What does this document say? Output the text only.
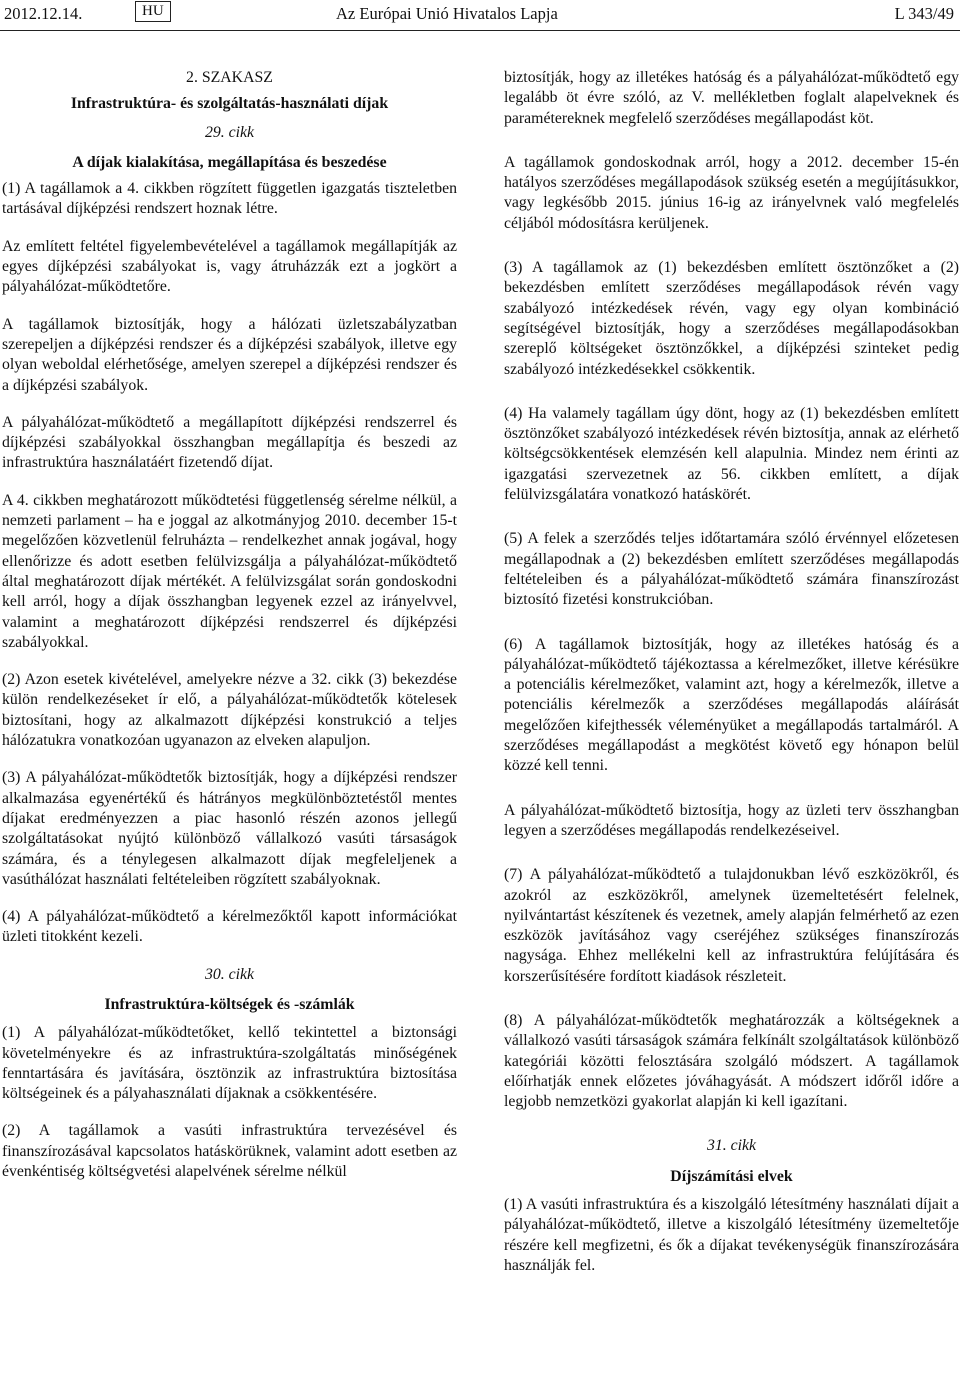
2012.12.14.	HU	Az Európai Unió Hivatalos Lapja	L 343/49

2. SZAKASZ

Infrastruktúra- és szolgáltatás-használati díjak

29. cikk

A díjak kialakítása, megállapítása és beszedése

(1) A tagállamok a 4. cikkben rögzített független igazgatás tiszteletben tartásával díjképzési rendszert hoznak létre.

Az említett feltétel figyelembevételével a tagállamok megállapítják az egyes díjképzési szabályokat is, vagy átruházzák ezt a jogkört a pályahálózat-működtetőre.

A tagállamok biztosítják, hogy a hálózati üzletszabályzatban szerepeljen a díjképzési rendszer és a díjképzési szabályok, illetve egy olyan weboldal elérhetősége, amelyen szerepel a díjképzési rendszer és a díjképzési szabályok.

A pályahálózat-működtető a megállapított díjképzési rendszerrel és díjképzési szabályokkal összhangban megállapítja és beszedi az infrastruktúra használatáért fizetendő díjat.

A 4. cikkben meghatározott működtetési függetlenség sérelme nélkül, a nemzeti parlament – ha e joggal az alkotmányjog 2010. december 15-t megelőzően közvetlenül felruházta – rendelkezhet annak jogával, hogy ellenőrizze és adott esetben felülvizsgálja a pályahálózat-működtető által meghatározott díjak mértékét. A felülvizsgálat során gondoskodni kell arról, hogy a díjak összhangban legyenek ezzel az irányelvvel, valamint a meghatározott díjképzési rendszerrel és díjképzési szabályokkal.

(2) Azon esetek kivételével, amelyekre nézve a 32. cikk (3) bekezdése külön rendelkezéseket ír elő, a pályahálózat-működtetők kötelesek biztosítani, hogy az alkalmazott díjképzési konstrukció a teljes hálózatukra vonatkozóan ugyanazon az elveken alapuljon.

(3) A pályahálózat-működtetők biztosítják, hogy a díjképzési rendszer alkalmazása egyenértékű és hátrányos megkülönböztetéstől mentes díjakat eredményezzen a piac hasonló részén azonos jellegű szolgáltatásokat nyújtó különböző vállalkozó vasúti társaságok számára, és a ténylegesen alkalmazott díjak megfeleljenek a vasúthálózat használati feltételeiben rögzített szabályoknak.

(4) A pályahálózat-működtető a kérelmezőktől kapott információkat üzleti titokként kezeli.

30. cikk

Infrastruktúra-költségek és -számlák

(1) A pályahálózat-működtetőket, kellő tekintettel a biztonsági követelményekre és az infrastruktúra-szolgáltatás minőségének fenntartására és javítására, ösztönzik az infrastruktúra biztosítása költségeinek és a pályahasználati díjaknak a csökkentésére.

(2) A tagállamok a vasúti infrastruktúra tervezésével és finanszírozásával kapcsolatos hatáskörüknek, valamint adott esetben az évenkéntiség költségvetési alapelvének sérelme nélkül

biztosítják, hogy az illetékes hatóság és a pályahálózat-működtető egy legalább öt évre szóló, az V. mellékletben foglalt alapelveknek és paramétereknek megfelelő szerződéses megállapodást köt.

A tagállamok gondoskodnak arról, hogy a 2012. december 15-én hatályos szerződéses megállapodások szükség esetén a megújításukkor, vagy legkésőbb 2015. június 16-ig az irányelvnek való megfelelés céljából módosításra kerüljenek.

(3) A tagállamok az (1) bekezdésben említett ösztönzőket a (2) bekezdésben említett szerződéses megállapodások révén vagy szabályozó intézkedések révén, vagy egy olyan kombináció segítségével biztosítják, hogy a szerződéses megállapodásokban szereplő költségeket ösztönzőkkel, a díjképzési szinteket pedig szabályozó intézkedésekkel csökkentik.

(4) Ha valamely tagállam úgy dönt, hogy az (1) bekezdésben említett ösztönzőket szabályozó intézkedések révén biztosítja, annak az elérhető költségcsökkentések elemzésén kell alapulnia. Mindez nem érinti az igazgatási szervezetnek az 56. cikkben említett, a díjak felülvizsgálatára vonatkozó hatáskörét.

(5) A felek a szerződés teljes időtartamára szóló érvénnyel előzetesen megállapodnak a (2) bekezdésben említett szerződéses megállapodás feltételeiben és a pályahálózat-működtető számára finanszírozást biztosító fizetési konstrukcióban.

(6) A tagállamok biztosítják, hogy az illetékes hatóság és a pályahálózat-működtető tájékoztassa a kérelmezőket, illetve kérésükre a potenciális kérelmezőket, valamint azt, hogy a kérelmezők, illetve a potenciális kérelmezők a szerződéses megállapodás aláírását megelőzően kifejthessék véleményüket a megállapodás tartalmáról. A szerződéses megállapodást a megkötést követő egy hónapon belül közzé kell tenni.

A pályahálózat-működtető biztosítja, hogy az üzleti terv összhangban legyen a szerződéses megállapodás rendelkezéseivel.

(7) A pályahálózat-működtető a tulajdonukban lévő eszközökről, és azokról az eszközökről, amelynek üzemeltetésért felelnek, nyilvántartást készítenek és vezetnek, amely alapján felmérhető az ezen eszközök javításához vagy cseréjéhez szükséges finanszírozás nagysága. Ehhez mellékelni kell az infrastruktúra felújítására és korszerűsítésére fordított kiadások részleteit.

(8) A pályahálózat-működtetők meghatározzák a költségeknek a vállalkozó vasúti társaságok számára felkínált szolgáltatások különböző kategóriái közötti felosztására szolgáló módszert. A tagállamok előírhatják ennek előzetes jóváhagyását. A módszert időről időre a legjobb nemzetközi gyakorlat alapján ki kell igazítani.

31. cikk

Díjszámítási elvek

(1) A vasúti infrastruktúra és a kiszolgáló létesítmény használati díjait a pályahálózat-működtető, illetve a kiszolgáló létesítmény üzemeltetője részére kell megfizetni, és ők a díjakat tevékenységük finanszírozására használják fel.
